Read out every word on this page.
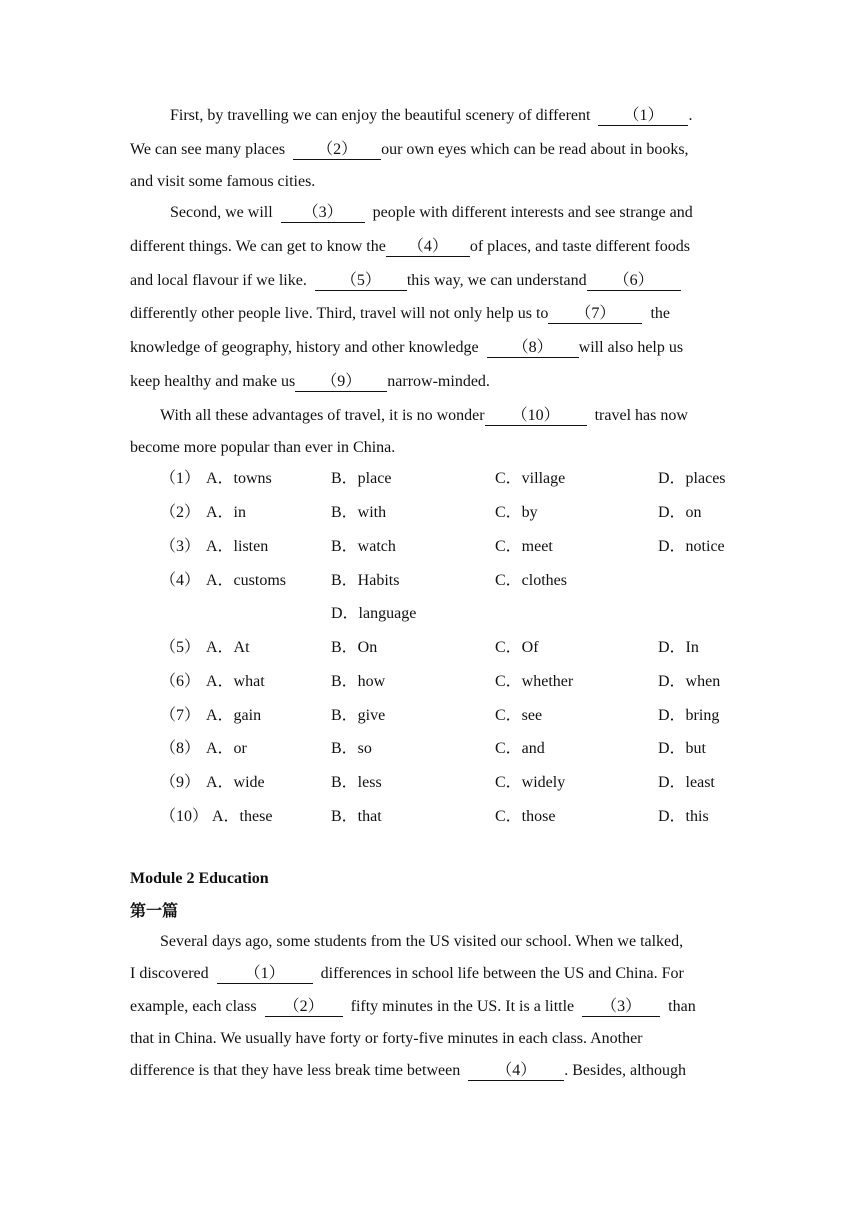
First, by travelling we can enjoy the beautiful scenery of different （1） .
We can see many places （2） our own eyes which can be read about in books,
and visit some famous cities.
Second, we will （3） people with different interests and see strange and
different things. We can get to know the （4） of places, and taste different foods
and local flavour if we like. （5） this way, we can understand （6）
differently other people live. Third, travel will not only help us to （7） the
knowledge of geography, history and other knowledge （8） will also help us
keep healthy and make us （9） narrow-minded.
With all these advantages of travel, it is no wonder （10） travel has now
become more popular than ever in China.
（1） A．towns	B．place	C．village	D．places
（2） A．in	B．with	C．by	D．on
（3） A．listen	B．watch	C．meet	D．notice
（4） A．customs	B．Habits	C．clothes
D．language
（5） A．At	B．On	C．Of	D．In
（6） A．what	B．how	C．whether	D．when
（7） A．gain	B．give	C．see	D．bring
（8） A．or	B．so	C．and	D．but
（9） A．wide	B．less	C．widely	D．least
（10） A．these	B．that	C．those	D．this
Module 2 Education
第一篇
Several days ago, some students from the US visited our school. When we talked,
I discovered （1） differences in school life between the US and China. For
example, each class （2） fifty minutes in the US. It is a little （3） than
that in China. We usually have forty or forty-five minutes in each class. Another
difference is that they have less break time between （4） . Besides, although
